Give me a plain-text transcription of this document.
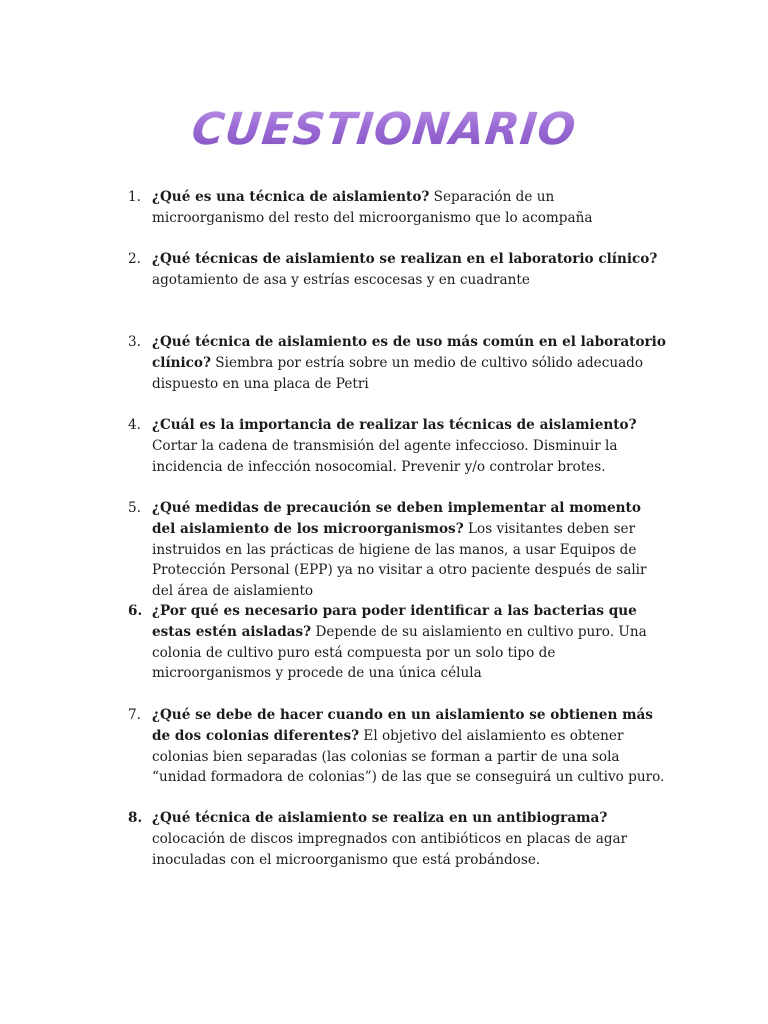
CUESTIONARIO
1. ¿Qué es una técnica de aislamiento? Separación de un microorganismo del resto del microorganismo que lo acompaña
2. ¿Qué técnicas de aislamiento se realizan en el laboratorio clínico? agotamiento de asa y estrías escocesas y en cuadrante
3. ¿Qué técnica de aislamiento es de uso más común en el laboratorio clínico? Siembra por estría sobre un medio de cultivo sólido adecuado dispuesto en una placa de Petri
4. ¿Cuál es la importancia de realizar las técnicas de aislamiento? Cortar la cadena de transmisión del agente infeccioso. Disminuir la incidencia de infección nosocomial. Prevenir y/o controlar brotes.
5. ¿Qué medidas de precaución se deben implementar al momento del aislamiento de los microorganismos? Los visitantes deben ser instruidos en las prácticas de higiene de las manos, a usar Equipos de Protección Personal (EPP) ya no visitar a otro paciente después de salir del área de aislamiento
6. ¿Por qué es necesario para poder identificar a las bacterias que estas estén aisladas? Depende de su aislamiento en cultivo puro. Una colonia de cultivo puro está compuesta por un solo tipo de microorganismos y procede de una única célula
7. ¿Qué se debe de hacer cuando en un aislamiento se obtienen más de dos colonias diferentes? El objetivo del aislamiento es obtener colonias bien separadas (las colonias se forman a partir de una sola “unidad formadora de colonias”) de las que se conseguirá un cultivo puro.
8. ¿Qué técnica de aislamiento se realiza en un antibiograma? colocación de discos impregnados con antibióticos en placas de agar inoculadas con el microorganismo que está probándose.
